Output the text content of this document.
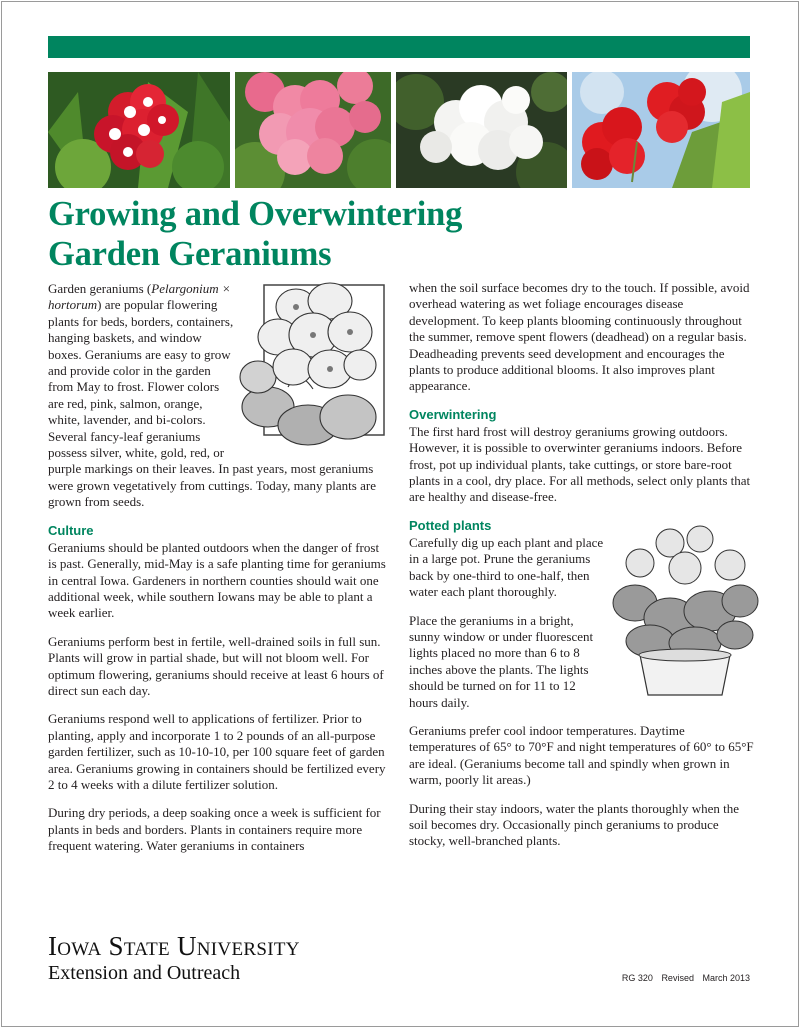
Growing and Overwintering
Garden Geraniums

Garden geraniums (Pelargonium × hortorum) are popular flowering plants for beds, borders, containers, hanging baskets, and window boxes. Geraniums are easy to grow and provide color in the garden from May to frost. Flower colors are red, pink, salmon, orange, white, lavender, and bi-colors. Several fancy-leaf geraniums possess silver, white, gold, red, or purple markings on their leaves. In past years, most geraniums were grown vegetatively from cuttings. Today, many plants are grown from seeds.

Culture

Geraniums should be planted outdoors when the danger of frost is past. Generally, mid-May is a safe planting time for geraniums in central Iowa. Gardeners in northern counties should wait one additional week, while southern Iowans may be able to plant a week earlier.

Geraniums perform best in fertile, well-drained soils in full sun. Plants will grow in partial shade, but will not bloom well. For optimum flowering, geraniums should receive at least 6 hours of direct sun each day.

Geraniums respond well to applications of fertilizer. Prior to planting, apply and incorporate 1 to 2 pounds of an all-purpose garden fertilizer, such as 10-10-10, per 100 square feet of garden area. Geraniums growing in containers should be fertilized every 2 to 4 weeks with a dilute fertilizer solution.

During dry periods, a deep soaking once a week is sufficient for plants in beds and borders. Plants in containers require more frequent watering. Water geraniums in containers

when the soil surface becomes dry to the touch. If possible, avoid overhead watering as wet foliage encourages disease development. To keep plants blooming continuously throughout the summer, remove spent flowers (deadhead) on a regular basis. Deadheading prevents seed development and encourages the plants to produce additional blooms. It also improves plant appearance.

Overwintering

The first hard frost will destroy geraniums growing outdoors. However, it is possible to overwinter geraniums indoors. Before frost, pot up individual plants, take cuttings, or store bare-root plants in a cool, dry place. For all methods, select only plants that are healthy and disease-free.

Potted plants

Carefully dig up each plant and place in a large pot. Prune the geraniums back by one-third to one-half, then water each plant thoroughly.

Place the geraniums in a bright, sunny window or under fluorescent lights placed no more than 6 to 8 inches above the plants. The lights should be turned on for 11 to 12 hours daily.

Geraniums prefer cool indoor temperatures. Daytime temperatures of 65° to 70°F and night temperatures of 60° to 65°F are ideal. (Geraniums become tall and spindly when grown in warm, poorly lit areas.)

During their stay indoors, water the plants thoroughly when the soil becomes dry. Occasionally pinch geraniums to produce stocky, well-branched plants.

Iowa State University
Extension and Outreach	RG 320 Revised March 2013
